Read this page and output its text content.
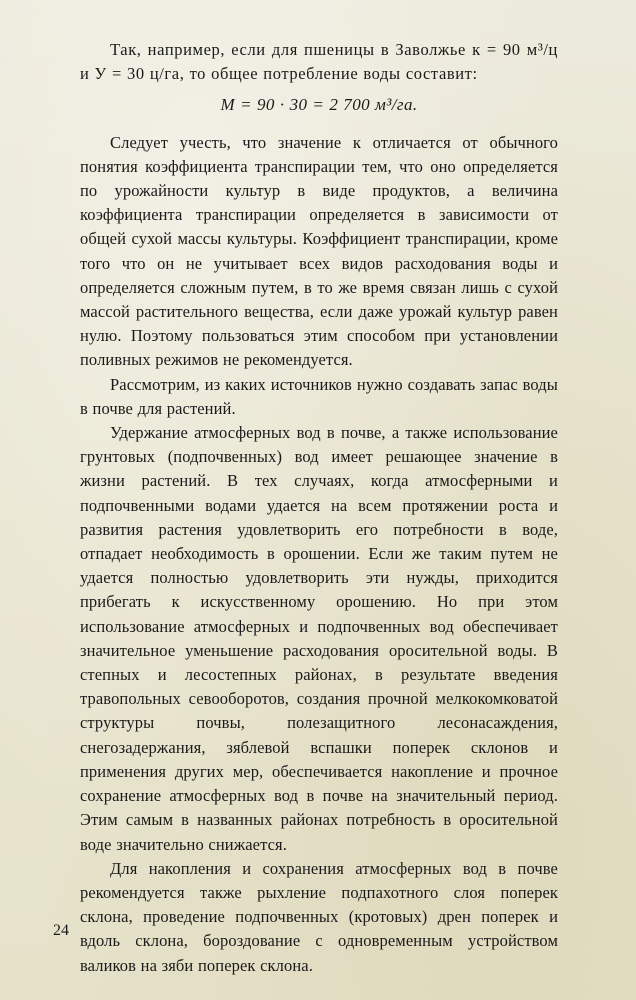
Так, например, если для пшеницы в Заволжье к = 90 м³/ц и У = 30 ц/га, то общее потребление воды составит:

М = 90 · 30 = 2 700 м³/га.

Следует учесть, что значение к отличается от обычного понятия коэффициента транспирации тем, что оно определяется по урожайности культур в виде продуктов, а величина коэффициента транспирации определяется в зависимости от общей сухой массы культуры. Коэффициент транспирации, кроме того что он не учитывает всех видов расходования воды и определяется сложным путем, в то же время связан лишь с сухой массой растительного вещества, если даже урожай культур равен нулю. Поэтому пользоваться этим способом при установлении поливных режимов не рекомендуется.

Рассмотрим, из каких источников нужно создавать запас воды в почве для растений.

Удержание атмосферных вод в почве, а также использование грунтовых (подпочвенных) вод имеет решающее значение в жизни растений. В тех случаях, когда атмосферными и подпочвенными водами удается на всем протяжении роста и развития растения удовлетворить его потребности в воде, отпадает необходимость в орошении. Если же таким путем не удается полностью удовлетворить эти нужды, приходится прибегать к искусственному орошению. Но при этом использование атмосферных и подпочвенных вод обеспечивает значительное уменьшение расходования оросительной воды. В степных и лесостепных районах, в результате введения травопольных севооборотов, создания прочной мелкокомковатой структуры почвы, полезащитного лесонасаждения, снегозадержания, зяблевой вспашки поперек склонов и применения других мер, обеспечивается накопление и прочное сохранение атмосферных вод в почве на значительный период. Этим самым в названных районах потребность в оросительной воде значительно снижается.

Для накопления и сохранения атмосферных вод в почве рекомендуется также рыхление подпахотного слоя поперек склона, проведение подпочвенных (кротовых) дрен поперек и вдоль склона, бороздование с одновременным устройством валиков на зяби поперек склона.

24
